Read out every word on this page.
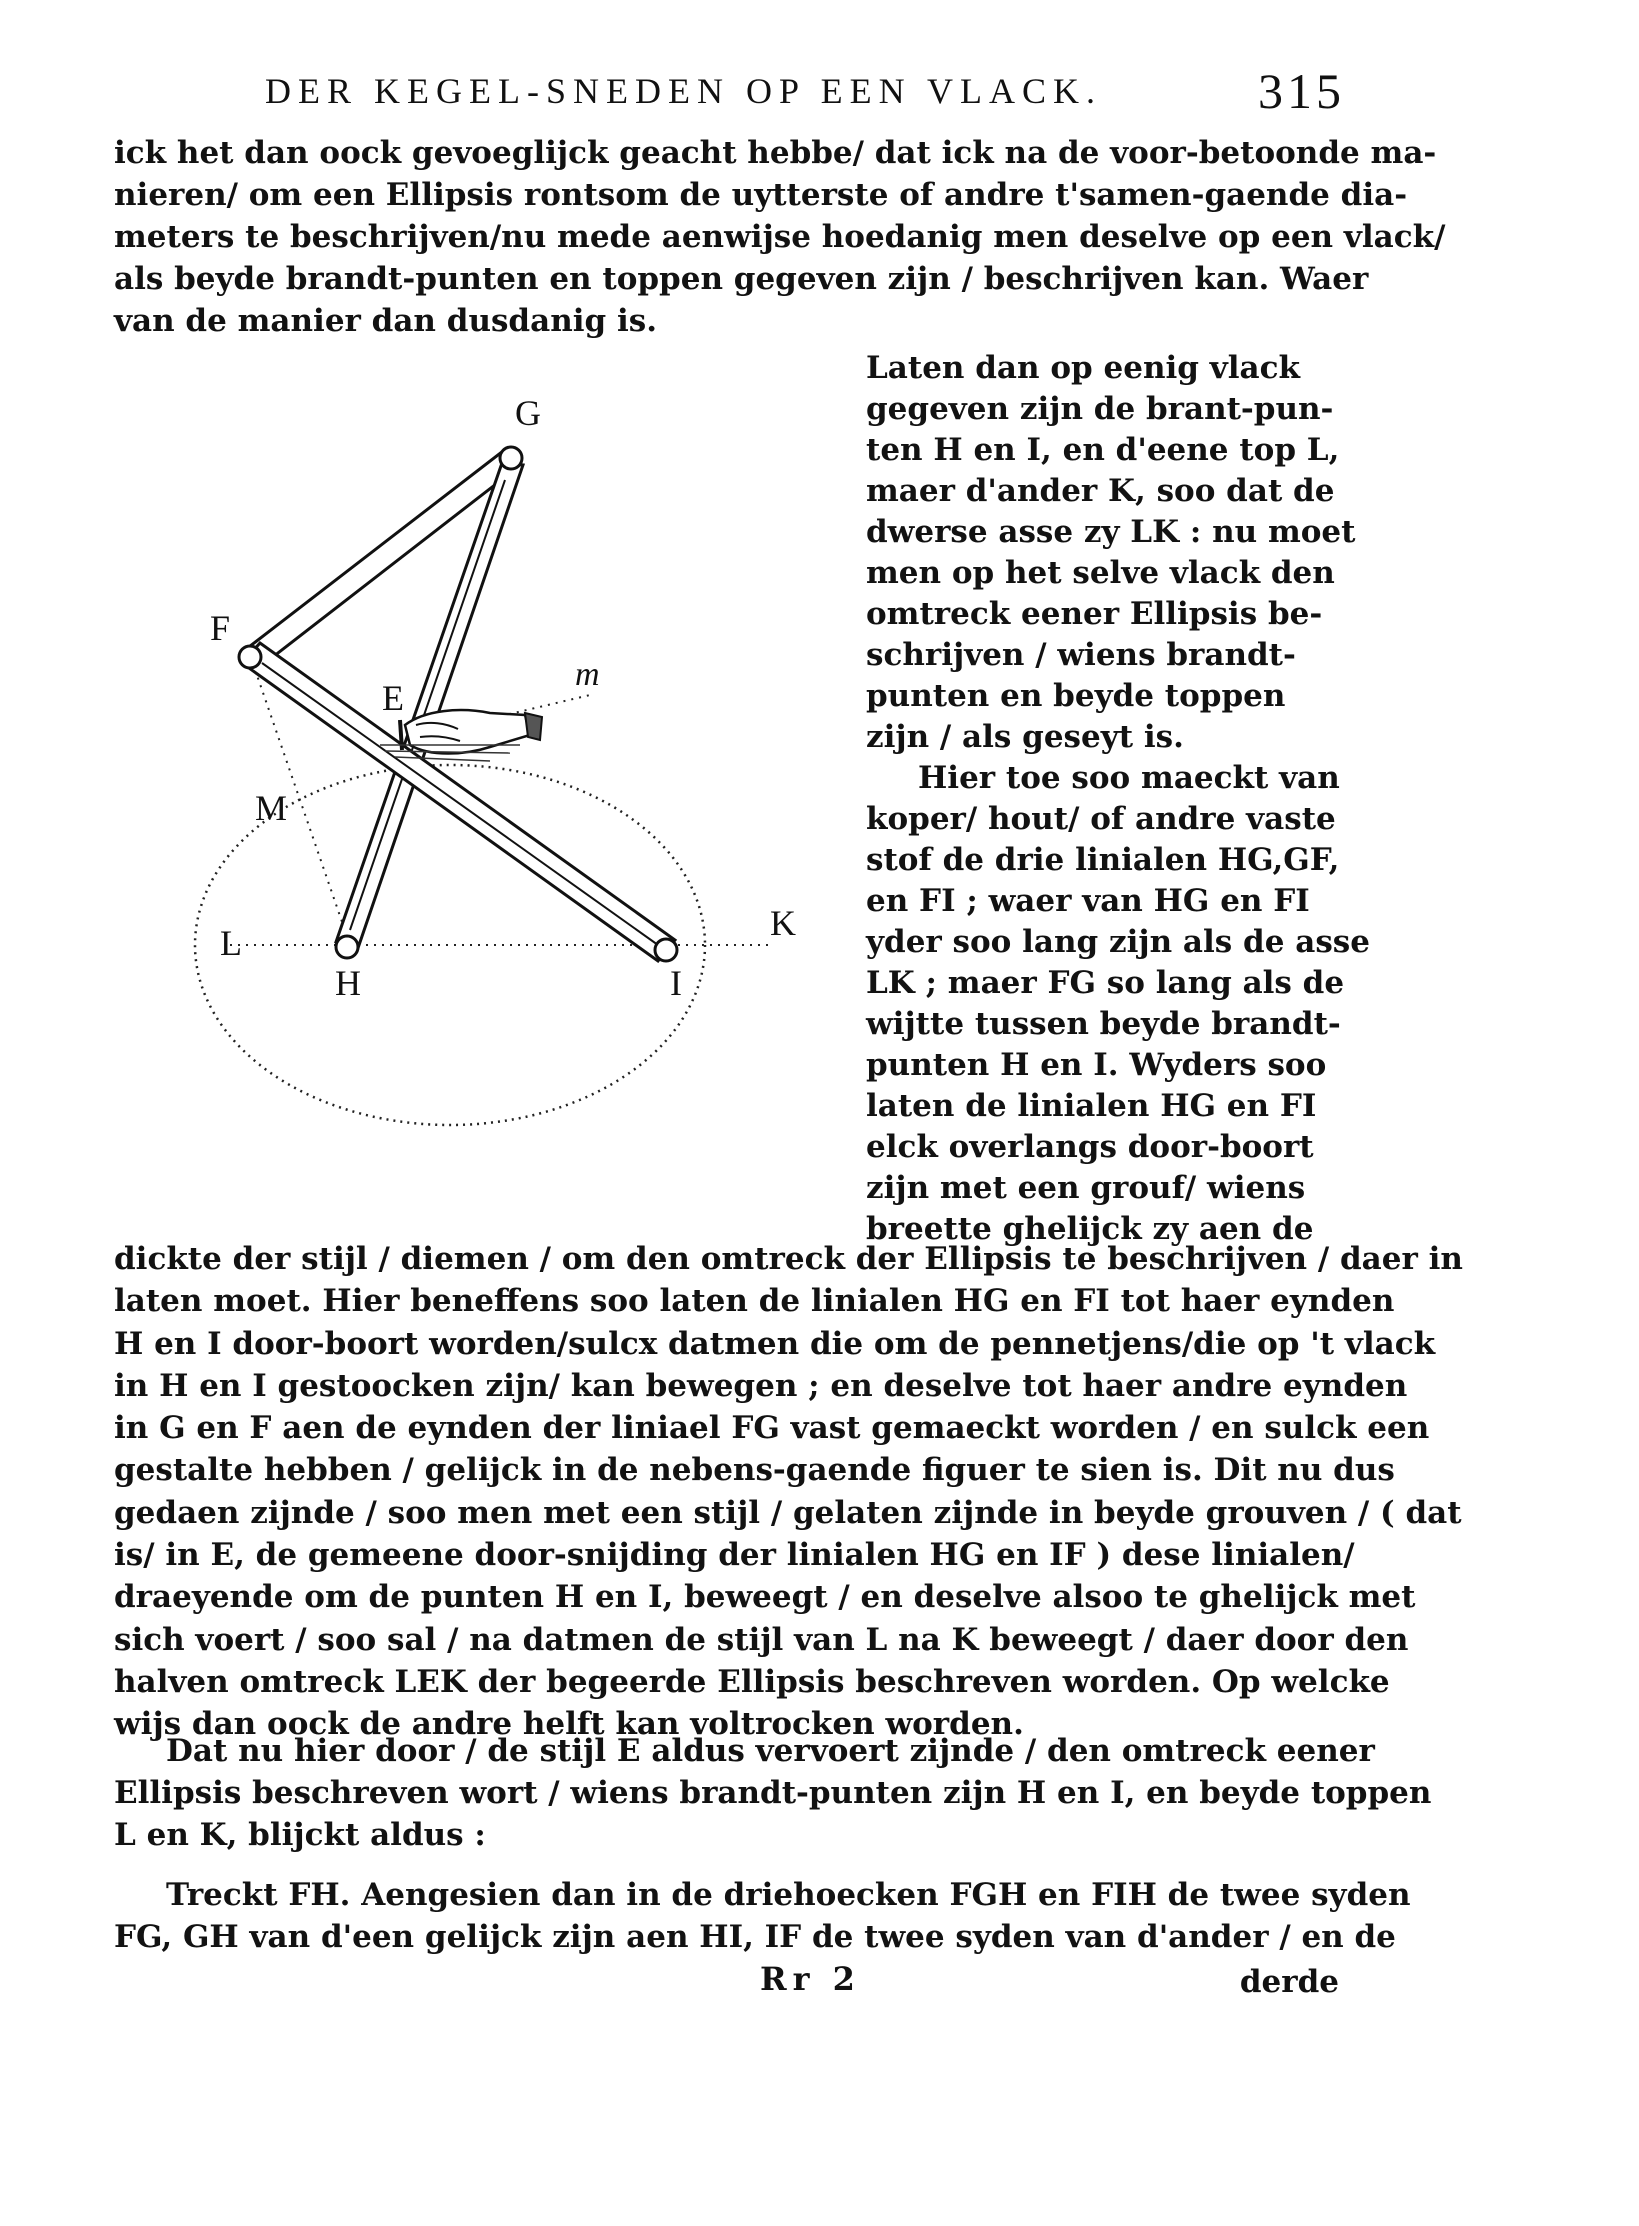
DER KEGEL-SNEDEN OP EEN VLACK.	315
ick het dan oock gevoeglijck geacht hebbe/ dat ick na de voor-betoonde ma-
nieren/ om een Ellipsis rontsom de uytterste of andre t'samen-gaende dia-
meters te beschrijven/nu mede aenwijse hoedanig men deselve op een vlack/
als beyde brandt-punten en toppen gegeven zijn / beschrijven kan. Waer
van de manier dan dusdanig is.
G
F
E
m
M
L
H	I
K
Laten dan op eenig vlack
gegeven zijn de brant-pun-
ten H en I, en d'eene top L,
maer d'ander K, soo dat de
dwerse asse zy LK : nu moet
men op het selve vlack den
omtreck eener Ellipsis be-
schrijven / wiens brandt-
punten en beyde toppen
zijn / als geseyt is.
Hier toe soo maeckt van
koper/ hout/ of andre vaste
stof de drie linialen HG,GF,
en FI ; waer van HG en FI
yder soo lang zijn als de asse
LK ; maer FG so lang als de
wijtte tussen beyde brandt-
punten H en I. Wyders soo
laten de linialen HG en FI
elck overlangs door-boort
zijn met een grouf/ wiens
breette ghelijck zy aen de
dickte der stijl / diemen / om den omtreck der Ellipsis te beschrijven / daer in
laten moet. Hier beneffens soo laten de linialen HG en FI tot haer eynden
H en I door-boort worden/sulcx datmen die om de pennetjens/die op 't vlack
in H en I gestoocken zijn/ kan bewegen ; en deselve tot haer andre eynden
in G en F aen de eynden der liniael FG vast gemaeckt worden / en sulck een
gestalte hebben / gelijck in de nebens-gaende figuer te sien is. Dit nu dus
gedaen zijnde / soo men met een stijl / gelaten zijnde in beyde grouven / ( dat
is/ in E, de gemeene door-snijding der linialen HG en IF ) dese linialen/
draeyende om de punten H en I, beweegt / en deselve alsoo te ghelijck met
sich voert / soo sal / na datmen de stijl van L na K beweegt / daer door den
halven omtreck LEK der begeerde Ellipsis beschreven worden. Op welcke
wijs dan oock de andre helft kan voltrocken worden.
Dat nu hier door / de stijl E aldus vervoert zijnde / den omtreck eener
Ellipsis beschreven wort / wiens brandt-punten zijn H en I, en beyde toppen
L en K, blijckt aldus :
Treckt FH. Aengesien dan in de driehoecken FGH en FIH de twee syden
FG, GH van d'een gelijck zijn aen HI, IF de twee syden van d'ander / en de
Rr 2	derde
